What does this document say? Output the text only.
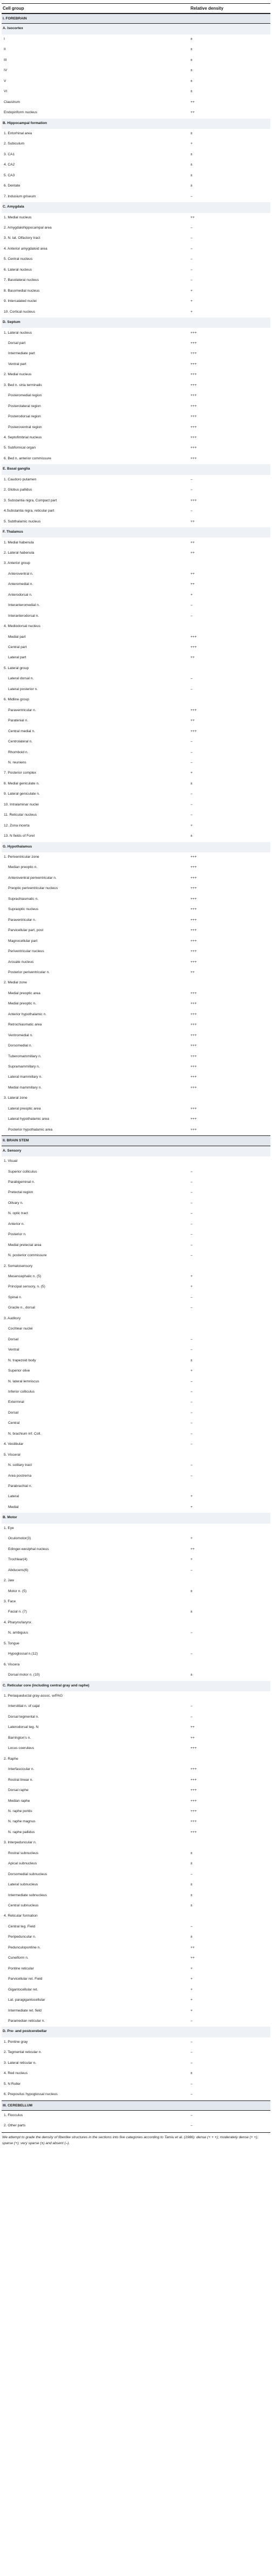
Cell group	Relative density
I. FOREBRAIN
A. Isocortex
I	±
II	±
III	±
IV	±
V	±
VI	±
Claustrum	++
Endopiriform nucleus	++
B. Hippocampal formation
1. Entorhinal area	±
2. Subiculum	+
3. CA1	±
4. CA2	±
5. CA3	±
6. Dentate	±
7. Indusium griseum	–
C. Amygdala
1. Medial nucleus	++
2. Amygdalohippocampal area	–
3. N. lat. Olfactory tract	–
4. Anterior amygdaloid area	–
5. Central nucleus	–
6. Lateral nucleus	–
7. Basolateral nucleus	–
8. Basomedial nucleus	+
9. Intercalated nuclei	+
10. Cortical nucleus	+
D. Septum
1. Lateral nucleus	+++
Dorsal part	+++
Intermediate part	+++
Ventral part	+++
2. Medial nucleus	+++
3. Bed n. stria terminalis	+++
Posteromedial region	+++
Posterolateral region	+++
Posterodorsal region	+++
Posteroventral region	+++
4. Septofimbrial nucleus	+++
5. Subfornical organ	+++
6. Bed n. anterior commissure	+++
E. Basal ganglia
1. Caudoro putamen	–
2. Globus pallidus	–
3. Substantia nigra, Compact part	+++
4.Substantia nigra, reticular part	–
5. Subthalamic nucleus	++
F. Thalamus
1. Medial habenula	++
2. Lateral habenula	++
3. Anterior group
Anteroventral n.	++
Anteromedial n.	++
Anterodorsal n.	+
Interanteromedial n.	–
Interanterodorsal n.	–
4. Mediodorsal nucleus
Medial part	+++
Central part	+++
Lateral part	++
5. Lateral group
Lateral dorsal n.	–
Lateral posterior n.	–
6. Midline group
Paraventricular n.	+++
Paratenial n.	++
Central medial n.	+++
Centrolateral n.	–
Rhomboid n.	–
N. reuniens	–
7. Posterior complex	+
8. Medial geniculate n.	±
9. Lateral geniculate n.	–
10. Intralaminar nuclei	–
11. Reticular nucleus	–
12. Zona incerta	+
13. N fields of Forel	±
G. Hypothalamus
1. Periventricular zone	+++
Median preoptic n.	+++
Anteroventral periventricular n.	+++
Preoptic periventricular nucleus	+++
Suprachiasmatic n.	+++
Supraoptic nucleus	+++
Paraventricular n.	+++
Parvicellular part, post	+++
Magnocellular part	+++
Periventricular nucleus	+++
Arcuate nucleus	+++
Posterior periventricular n.	++
2. Medial zone
Medial preoptic area	+++
Medial preoptic n.	+++
Anterior hypothalamic n.	+++
Retrochiasmatic area	+++
Ventromedial n.	+++
Dorsomedial n.	+++
Tuberomammillary n.	+++
Supramammillary n.	+++
Lateral mammillary n.	+++
Medial mammillary n.	+++
3. Lateral zone
Lateral preoptic area	+++
Lateral hypothalamic area	+++
Posterior hypothalamic area	+++
II. BRAIN STEM
A. Sensory
1. Visual
Superior colliculus	–
Parabigeminal n.	–
Pretectal region	–
Olivary n.	–
N. optic tract	–
Anterior n.	–
Posterior n.	–
Medial pretectal area	–
N. posterior commissure	–
2. Somatosensory
Mesencephalic n. (5)	+
Principal sensory, n. (5)	+
Spinal n.	–
Gracile n., dorsal	–
3. Auditory
Cochlear nuclei
Dorsal	–
Ventral	–
N. trapezoid body	±
Superior olive	+
N. lateral lemniscus	–
Inferior colliculus	–
Extermnal	–
Dorsal	–
Central	–
N. brachium inf. Coll.	–
4. Vestibular	–
5. Visceral
N. solitary tract	–
Area postrema	–
Parabrachial n.
Lateral	+
Medial	+
B. Motor
1. Eye
Oculomotor(3)	+
Edinger-westphal nucleus	++
Trochlear(4)	+
Abducens(6)	–
2. Jaw
Motor n. (5)	±
3. Face
Facial n. (7)	±
4. Pharynx/larynx
N. ambiguus	–
5. Tongue
Hypoglossal n.(12)	–
6. Viscera
Dorsal motor n. (10)	±
C. Reticular core (including central gray and raphe)
1. Periaqueductal gray-assoc. w/PAG
Interstitial n. of cajal	–
Dorsal tegmental n.	–
Laterodorsal teg. N	++
Barrington's n.	++
Locus coeruleus	+++
2. Raphe
Interfascicular n.	+++
Rostral linear n.	+++
Dorsal raphe	+++
Median raphe	+++
N. raphe pontis	+++
N. raphe magnus	+++
N. raphe pallidus	+++
3. Interpeduncular n.
Rostral subnucleus	±
Apical subnucleus	±
Dorsomedial subnucleus	–
Lateral subnucleus	±
Intermediate subnucleus	±
Central subnucleus	±
4. Reticular formation
Central teg. Field	–
Peripeduncular n.	±
Pedunculopontine n.	++
Cuneiform n.	++
Pontine reticular	+
Parvicellular ret. Field	+
Gigantocellular ret.	+
Lat. paragigantocellular	+
Intermediate ret. field	+
Paramedian reticular n.	–
D. Pre- and postcerebellar
1. Pontine gray	–
2. Tegmental reticular n.	–
3. Lateral reticular n.	–
4. Red nucleus	±
5. N Roller	–
6. Prepositus hypoglossal nucleus	–
III. CEREBELLUM
1. Flocculus	–
2. Other parts	–
We attempt to grade the density of fiberlike structures in the sections into five categories according to Tamiu et al. (1986): dense (+ + +); moderately dense (+ +); sparse (+); very sparse (±) and absent (–).
